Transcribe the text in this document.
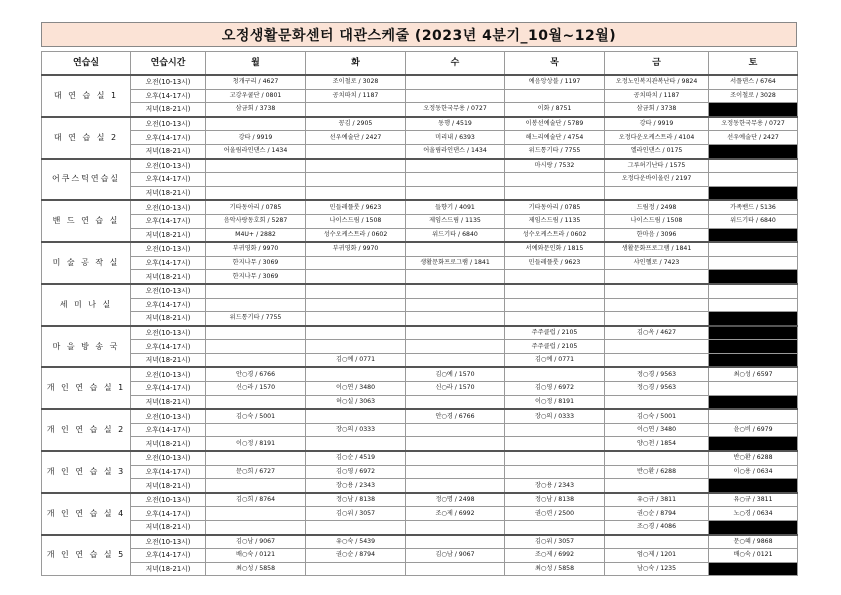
오정생활문화센터 대관스케줄 (2023년 4분기_10월~12월)
연습실	연습시간	월	화	수	목	금	토
대 연 습 실 1	오전(10-13시)	청개구리 / 4627	조이철로 / 3028		예음앙상블 / 1197	오정노인복지관복난타 / 9824	서플댄스 / 6764
	오후(14-17시)	고강우쿨단 / 0801	공치따치 / 1187			공치따치 / 1187	조이철로 / 3028
	저녁(18-21시)	삼금회 / 3738		오정동한국무용 / 0727	이화 / 8751	삼금회 / 3738	
대 연 습 실 2	오전(10-13시)		꽁김 / 2905	동행 / 4519	이봉선예술단 / 5789	강타 / 9919	오정동한국무용 / 0727
	오후(14-17시)	강타 / 9919	선우예술단 / 2427	미리내 / 6393	해느리예술단 / 4754	오정다운오케스트라 / 4104	선우예술단 / 2427
	저녁(18-21시)	어울림라인댄스 / 1434		어울림라인댄스 / 1434	위드통기타 / 7755	엘라인댄스 / 0175	
어쿠스틱연습실	오전(10-13시)				마시랑 / 7532	그루허기난타 / 1575	
	오후(14-17시)					오정다운바이올린 / 2197	
	저녁(18-21시)						
밴 드 연 습 실	오전(10-13시)	기타동아리 / 0785	민들레플룻 / 9623	들향기 / 4091	기타동아리 / 0785	드림정 / 2498	가족밴드 / 5136
	오후(14-17시)	음악사랑동호회 / 5287	나이스드림 / 1508	제임스드림 / 1135	제임스드림 / 1135	나이스드림 / 1508	위드기타 / 6840
	저녁(18-21시)	M4U+ / 2882	성수오케스트라 / 0602	위드기타 / 6840	성수오케스트라 / 0602	한마음 / 3096	
미 술 공 작 실	오전(10-13시)	부귀영화 / 9970	부귀영화 / 9970		서예와문인화 / 1815	생활문화프로그램 / 1841	
	오후(14-17시)	한지나무 / 3069		생활문화프로그램 / 1841	민들레플룻 / 9623	샤인헬로 / 7423	
	저녁(18-21시)	한지나무 / 3069					
세 미 나 실	오전(10-13시)						
	오후(14-17시)						
	저녁(18-21시)	위드통기타 / 7755					
마 을 방 송 국	오전(10-13시)				주주클럽 / 2105	김○옥 / 4627	
	오후(14-17시)				주주클럽 / 2105		
	저녁(18-21시)		김○예 / 0771		김○예 / 0771		
개 인 연 습 실 1	오전(10-13시)	안○경 / 6766		김○예 / 1570		정○경 / 9563	최○성 / 6597
	오후(14-17시)	신○라 / 1570	이○연 / 3480	신○라 / 1570	김○영 / 6972	정○경 / 9563	
	저녁(18-21시)		허○실 / 3063		이○정 / 8191		
개 인 연 습 실 2	오전(10-13시)	김○숙 / 5001		안○경 / 6766	장○의 / 0333	김○숙 / 5001	
	오후(14-17시)		장○의 / 0333			이○연 / 3480	윤○비 / 6979
	저녁(18-21시)	이○정 / 8191				양○천 / 1854	
개 인 연 습 실 3	오전(10-13시)		김○순 / 4519				반○환 / 6288
	오후(14-17시)	문○희 / 6727	김○영 / 6972			반○환 / 6288	이○용 / 0634
	저녁(18-21시)		장○용 / 2343		장○용 / 2343		
개 인 연 습 실 4	오전(10-13시)	김○희 / 8764	정○남 / 8138	정○명 / 2498	정○남 / 8138	유○규 / 3811	유○규 / 3811
	오후(14-17시)		김○위 / 3057	조○제 / 6992	권○련 / 2500	권○순 / 8794	노○경 / 0634
	저녁(18-21시)					조○경 / 4086	
개 인 연 습 실 5	오전(10-13시)	김○남 / 9067	유○숙 / 5439		김○위 / 3057		문○혜 / 9868
	오후(14-17시)	배○숙 / 0121	권○순 / 8794	김○남 / 9067	조○제 / 6992	엄○제 / 1201	배○숙 / 0121
	저녁(18-21시)	최○성 / 5858			최○성 / 5858	남○숙 / 1235	
